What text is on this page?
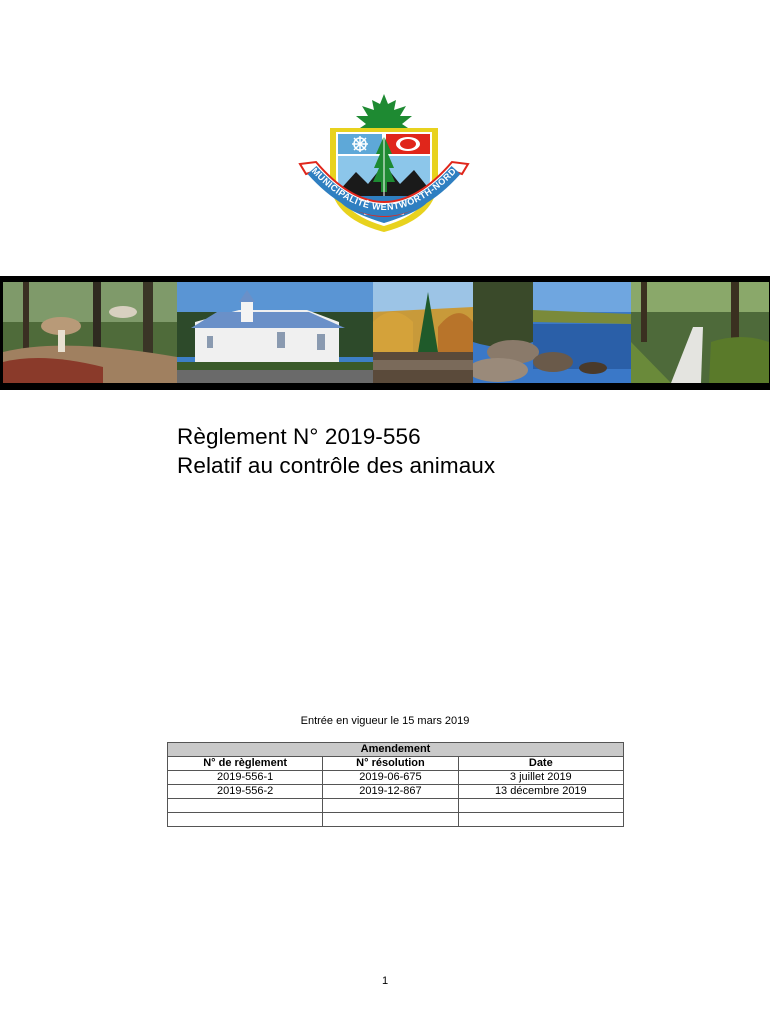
MUNICIPALITÉ WENTWORTH-NORD
Règlement N° 2019-556
Relatif au contrôle des animaux
Entrée en vigueur le 15 mars 2019
Amendement		
N° de règlement	N° résolution	Date
2019-556-1	2019-06-675	3 juillet 2019
2019-556-2	2019-12-867	13 décembre 2019

1
